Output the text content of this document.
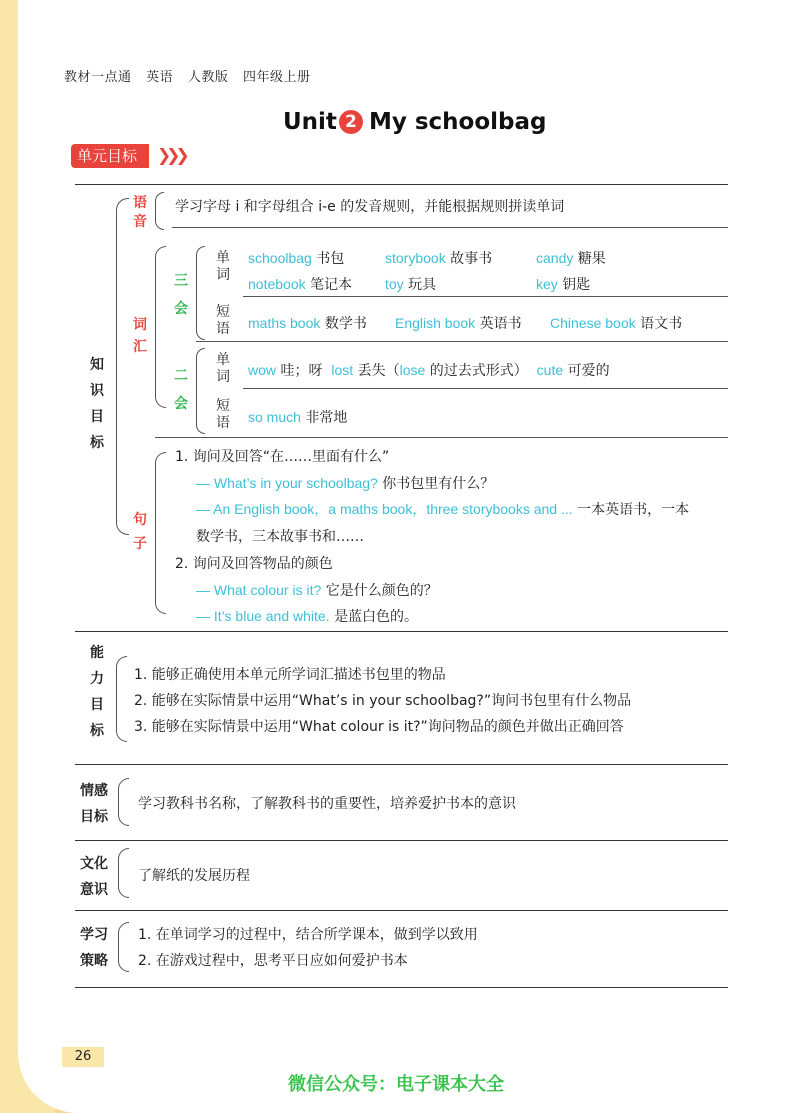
教材一点通 英语 人教版 四年级上册
Unit 2 My schoolbag
单元目标	❯❯❯
知
识
目
标
语
音
学习字母 i 和字母组合 i-e 的发音规则，并能根据规则拼读单词
词
汇
三
会
单
词
schoolbag 书包	storybook 故事书	candy 糖果
notebook 笔记本 toy 玩具	key 钥匙
短
语 maths book 数学书 English book 英语书 Chinese book 语文书
二
会
单
词 wow 哇；呀 lost 丢失（lose 的过去式形式） cute 可爱的
短
语 so much 非常地
句
子
1. 询问及回答“在……里面有什么”
— What’s in your schoolbag? 你书包里有什么？
— An English book，a maths book，three storybooks and ... 一本英语书，一本
数学书，三本故事书和……
2. 询问及回答物品的颜色
— What colour is it? 它是什么颜色的？
— It’s blue and white. 是蓝白色的。
能
力
目
标
1. 能够正确使用本单元所学词汇描述书包里的物品
2. 能够在实际情景中运用“What’s in your schoolbag?”询问书包里有什么物品
3. 能够在实际情景中运用“What colour is it?”询问物品的颜色并做出正确回答
情感
目标
学习教科书名称，了解教科书的重要性，培养爱护书本的意识
文化
意识
了解纸的发展历程
学习
策略
1. 在单词学习的过程中，结合所学课本，做到学以致用
2. 在游戏过程中，思考平日应如何爱护书本
26
微信公众号：电子课本大全
